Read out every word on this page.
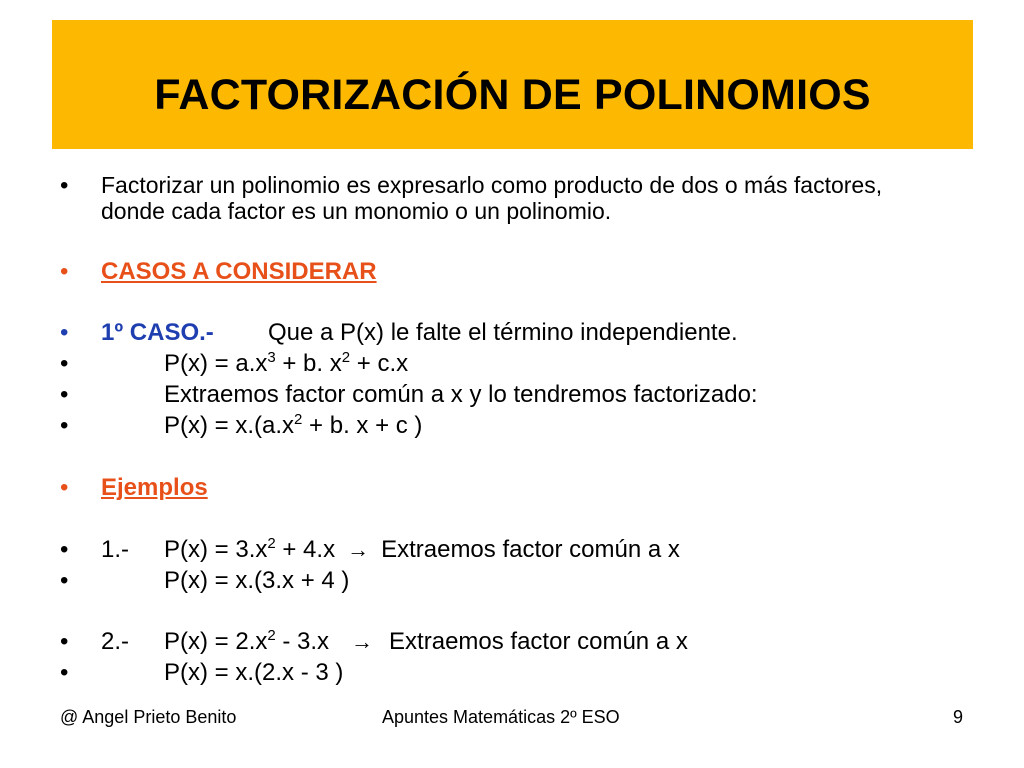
FACTORIZACIÓN DE POLINOMIOS
• Factorizar un polinomio es expresarlo como producto de dos o más factores, donde cada factor es un monomio o un polinomio.
• CASOS A CONSIDERAR
• 1º CASO.- Que a P(x) le falte el término independiente.
•	$P(x) = a.x^3 + b$. $x^2 + c.x$
•	Extraemos factor común a x y lo tendremos factorizado:
•	$P(x) = x.(a.x^2 + b$. x + c )
• Ejemplos
• 1.- $P(x) = 3.x^2 + 4.x$ → Extraemos factor común a x
•	P(x) = x.(3.x + 4 )
• 2.- $P(x) = 2.x^2 - 3.x$ → Extraemos factor común a x
•	P(x) = x.(2.x - 3 )
@ Angel Prieto Benito	Apuntes Matemáticas 2º ESO	9
